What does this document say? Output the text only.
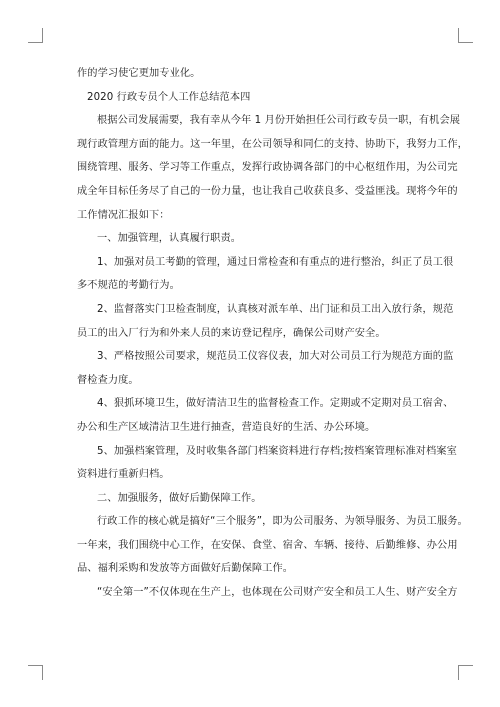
作的学习使它更加专业化。

2020 行政专员个人工作总结范本四

根据公司发展需要，我有幸从今年 1 月份开始担任公司行政专员一职，有机会展

现行政管理方面的能力。这一年里，在公司领导和同仁的支持、协助下，我努力工作，

围绕管理、服务、学习等工作重点，发挥行政协调各部门的中心枢纽作用，为公司完

成全年目标任务尽了自己的一份力量，也让我自己收获良多、受益匪浅。现将今年的

工作情况汇报如下：

一、加强管理，认真履行职责。

1、加强对员工考勤的管理，通过日常检查和有重点的进行整治，纠正了员工很

多不规范的考勤行为。

2、监督落实门卫检查制度，认真核对派车单、出门证和员工出入放行条，规范

员工的出入厂行为和外来人员的来访登记程序，确保公司财产安全。

3、严格按照公司要求，规范员工仪容仪表，加大对公司员工行为规范方面的监

督检查力度。

4、狠抓环境卫生，做好清洁卫生的监督检查工作。定期或不定期对员工宿舍、

办公和生产区域清洁卫生进行抽查，营造良好的生活、办公环境。

5、加强档案管理，及时收集各部门档案资料进行存档;按档案管理标准对档案室

资料进行重新归档。

二、加强服务，做好后勤保障工作。

行政工作的核心就是搞好“三个服务”，即为公司服务、为领导服务、为员工服务。

一年来，我们围绕中心工作，在安保、食堂、宿舍、车辆、接待、后勤维修、办公用

品、福利采购和发放等方面做好后勤保障工作。

“安全第一”不仅体现在生产上，也体现在公司财产安全和员工人生、财产安全方
